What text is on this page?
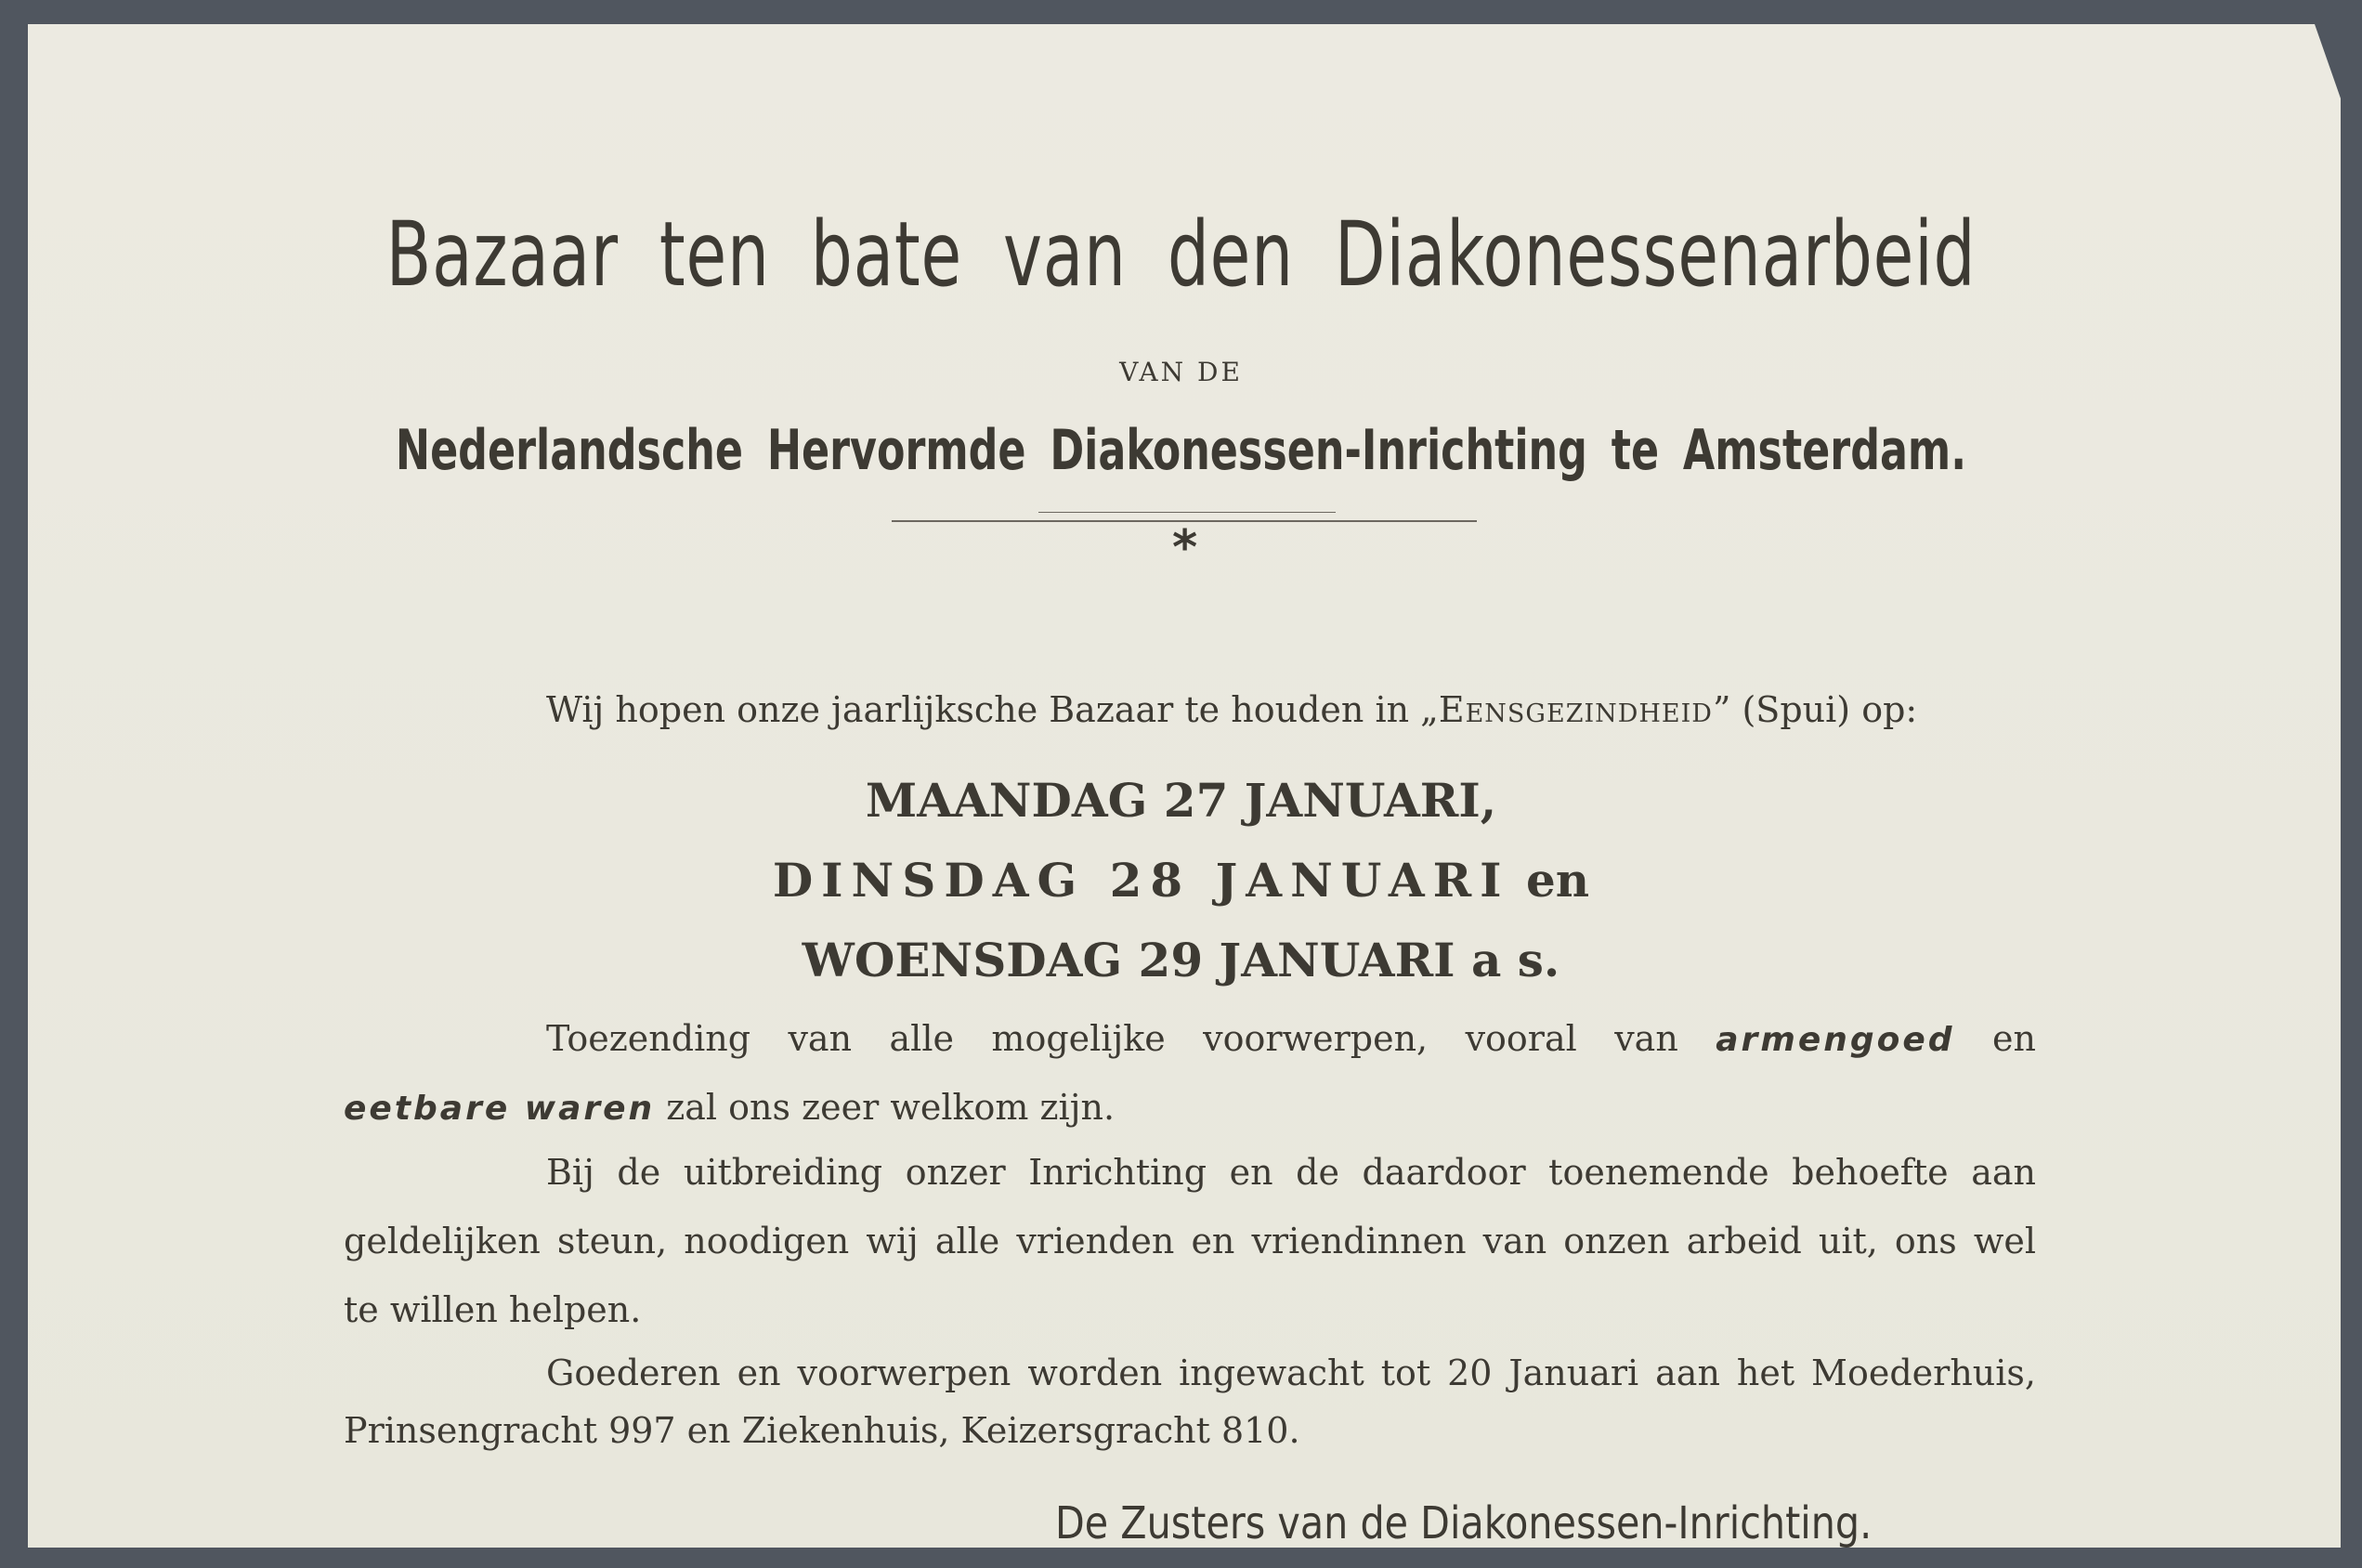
Bazaar ten bate van den Diakonessenarbeid
VAN DE
Nederlandsche Hervormde Diakonessen-Inrichting te Amsterdam.
*
Wij hopen onze jaarlijksche Bazaar te houden in „Eensgezindheid” (Spui) op:
MAANDAG 27 JANUARI,
DINSDAG 28 JANUARI en
WOENSDAG 29 JANUARI a s.
Toezending van alle mogelijke voorwerpen, vooral van armengoed en
eetbare waren zal ons zeer welkom zijn.
Bij de uitbreiding onzer Inrichting en de daardoor toenemende behoefte aan
geldelijken steun, noodigen wij alle vrienden en vriendinnen van onzen arbeid uit, ons wel
te willen helpen.
Goederen en voorwerpen worden ingewacht tot 20 Januari aan het Moederhuis,
Prinsengracht 997 en Ziekenhuis, Keizersgracht 810.
De Zusters van de Diakonessen-Inrichting.
